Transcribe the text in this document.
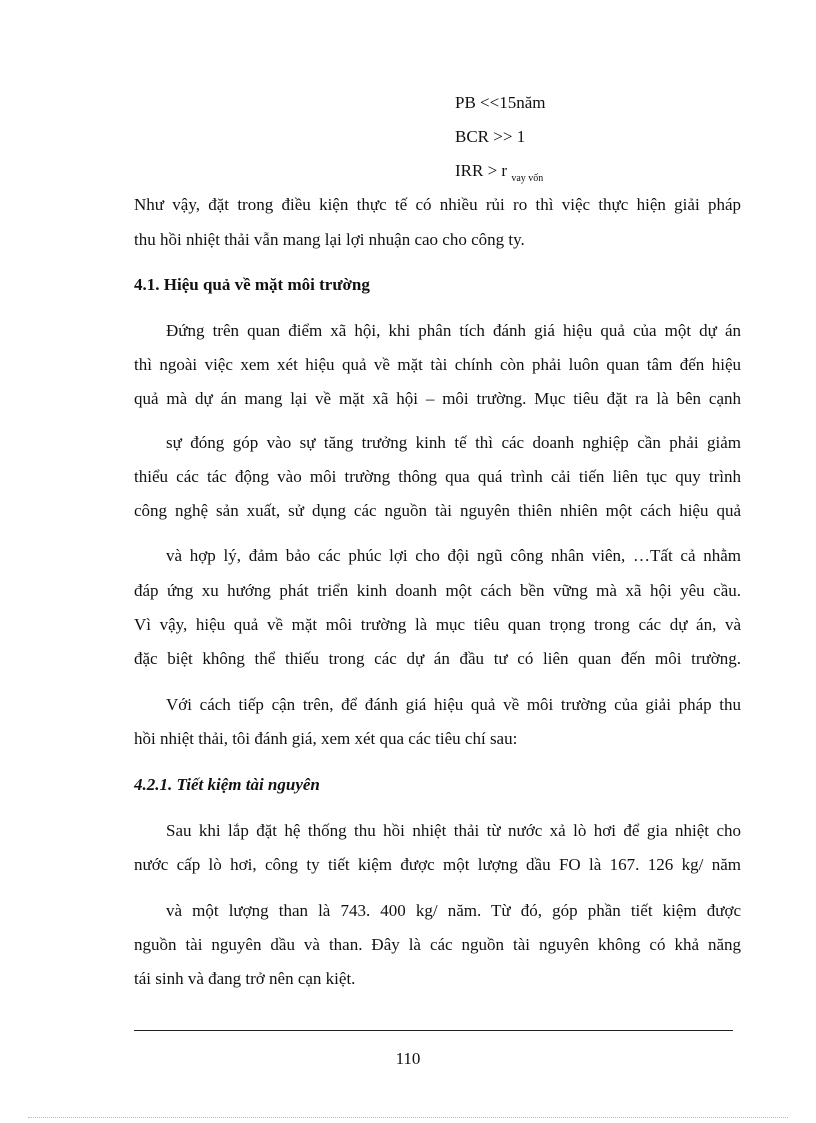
PB <<15năm
BCR >> 1
IRR > r $_{vay vốn}$
Như vậy, đặt trong điều kiện thực tế có nhiều rủi ro thì việc thực hiện giải pháp
thu hồi nhiệt thải vẫn mang lại lợi nhuận cao cho công ty.
4.1. Hiệu quả về mặt môi trường
Đứng trên quan điểm xã hội, khi phân tích đánh giá hiệu quả của một dự án
thì ngoài việc xem xét hiệu quả về mặt tài chính còn phải luôn quan tâm đến hiệu
quả mà dự án mang lại về mặt xã hội – môi trường. Mục tiêu đặt ra là bên cạnh
sự đóng góp vào sự tăng trưởng kinh tế thì các doanh nghiệp cần phải giảm
thiểu các tác động vào môi trường thông qua quá trình cải tiến liên tục quy trình
công nghệ sản xuất, sử dụng các nguồn tài nguyên thiên nhiên một cách hiệu quả
và hợp lý, đảm bảo các phúc lợi cho đội ngũ công nhân viên, …Tất cả nhằm
đáp ứng xu hướng phát triển kinh doanh một cách bền vững mà xã hội yêu cầu.
Vì vậy, hiệu quả về mặt môi trường là mục tiêu quan trọng trong các dự án, và
đặc biệt không thể thiếu trong các dự án đầu tư có liên quan đến môi trường.
Với cách tiếp cận trên, để đánh giá hiệu quả về môi trường của giải pháp thu
hồi nhiệt thải, tôi đánh giá, xem xét qua các tiêu chí sau:
4.2.1. Tiết kiệm tài nguyên
Sau khi lắp đặt hệ thống thu hồi nhiệt thải từ nước xả lò hơi để gia nhiệt cho
nước cấp lò hơi, công ty tiết kiệm được một lượng dầu FO là 167. 126 kg/ năm
và một lượng than là 743. 400 kg/ năm. Từ đó, góp phần tiết kiệm được
nguồn tài nguyên dầu và than. Đây là các nguồn tài nguyên không có khả năng
tái sinh và đang trở nên cạn kiệt.
110
